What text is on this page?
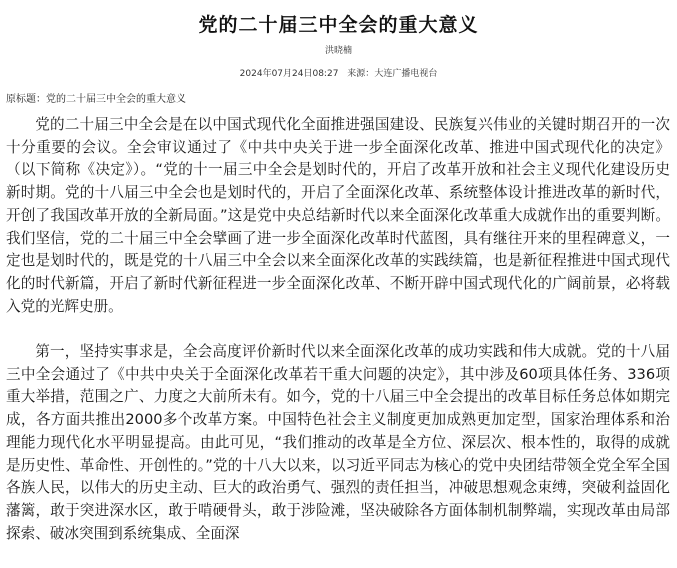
党的二十届三中全会的重大意义
洪晓楠
2024年07月24日08:27 来源：大连广播电视台
原标题：党的二十届三中全会的重大意义

党的二十届三中全会是在以中国式现代化全面推进强国建设、民族复兴伟业的关键时期召开的一次十分重要的会议。全会审议通过了《中共中央关于进一步全面深化改革、推进中国式现代化的决定》（以下简称《决定》）。“党的十一届三中全会是划时代的，开启了改革开放和社会主义现代化建设历史新时期。党的十八届三中全会也是划时代的，开启了全面深化改革、系统整体设计推进改革的新时代，开创了我国改革开放的全新局面。”这是党中央总结新时代以来全面深化改革重大成就作出的重要判断。我们坚信，党的二十届三中全会擘画了进一步全面深化改革时代蓝图，具有继往开来的里程碑意义，一定也是划时代的，既是党的十八届三中全会以来全面深化改革的实践续篇，也是新征程推进中国式现代化的时代新篇，开启了新时代新征程进一步全面深化改革、不断开辟中国式现代化的广阔前景，必将载入党的光辉史册。

第一，坚持实事求是，全会高度评价新时代以来全面深化改革的成功实践和伟大成就。党的十八届三中全会通过了《中共中央关于全面深化改革若干重大问题的决定》，其中涉及60项具体任务、336项重大举措，范围之广、力度之大前所未有。如今，党的十八届三中全会提出的改革目标任务总体如期完成，各方面共推出2000多个改革方案。中国特色社会主义制度更加成熟更加定型，国家治理体系和治理能力现代化水平明显提高。由此可见，“我们推动的改革是全方位、深层次、根本性的，取得的成就是历史性、革命性、开创性的。”党的十八大以来，以习近平同志为核心的党中央团结带领全党全军全国各族人民，以伟大的历史主动、巨大的政治勇气、强烈的责任担当，冲破思想观念束缚，突破利益固化藩篱，敢于突进深水区，敢于啃硬骨头，敢于涉险滩，坚决破除各方面体制机制弊端，实现改革由局部探索、破冰突围到系统集成、全面深
